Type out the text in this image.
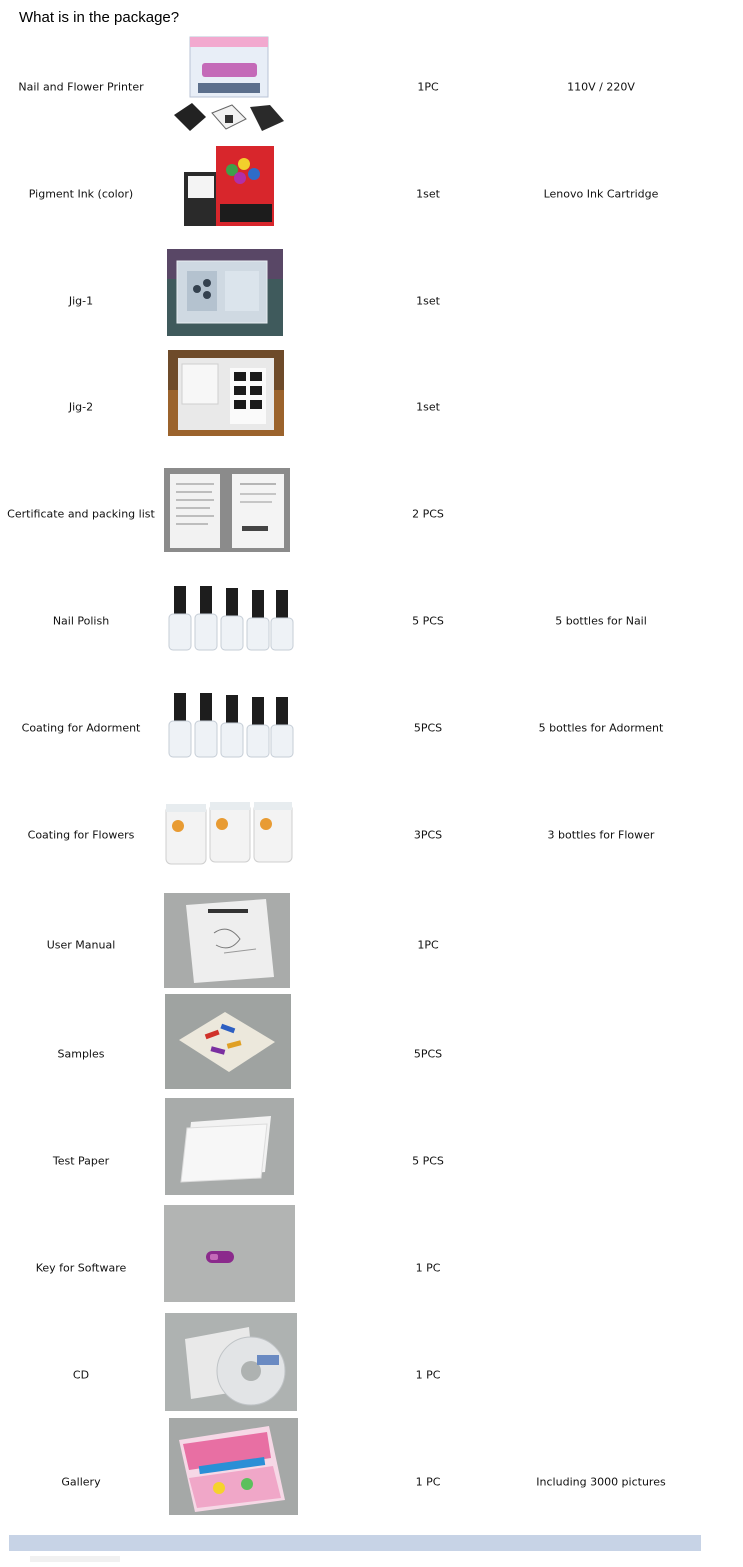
What is in the package?
Nail and Flower Printer	1PC	110V / 220V
Pigment Ink (color)	1set	Lenovo Ink Cartridge
Jig-1	1set
Jig-2	1set
Certificate and packing list	2 PCS
Nail Polish	5 PCS	5 bottles for Nail
Coating for Adorment	5PCS	5 bottles for Adorment
Coating for Flowers	3PCS	3 bottles for Flower
User Manual	1PC
Samples	5PCS
Test Paper	5 PCS
Key for Software	1 PC
CD	1 PC
Gallery	1 PC	Including 3000 pictures
